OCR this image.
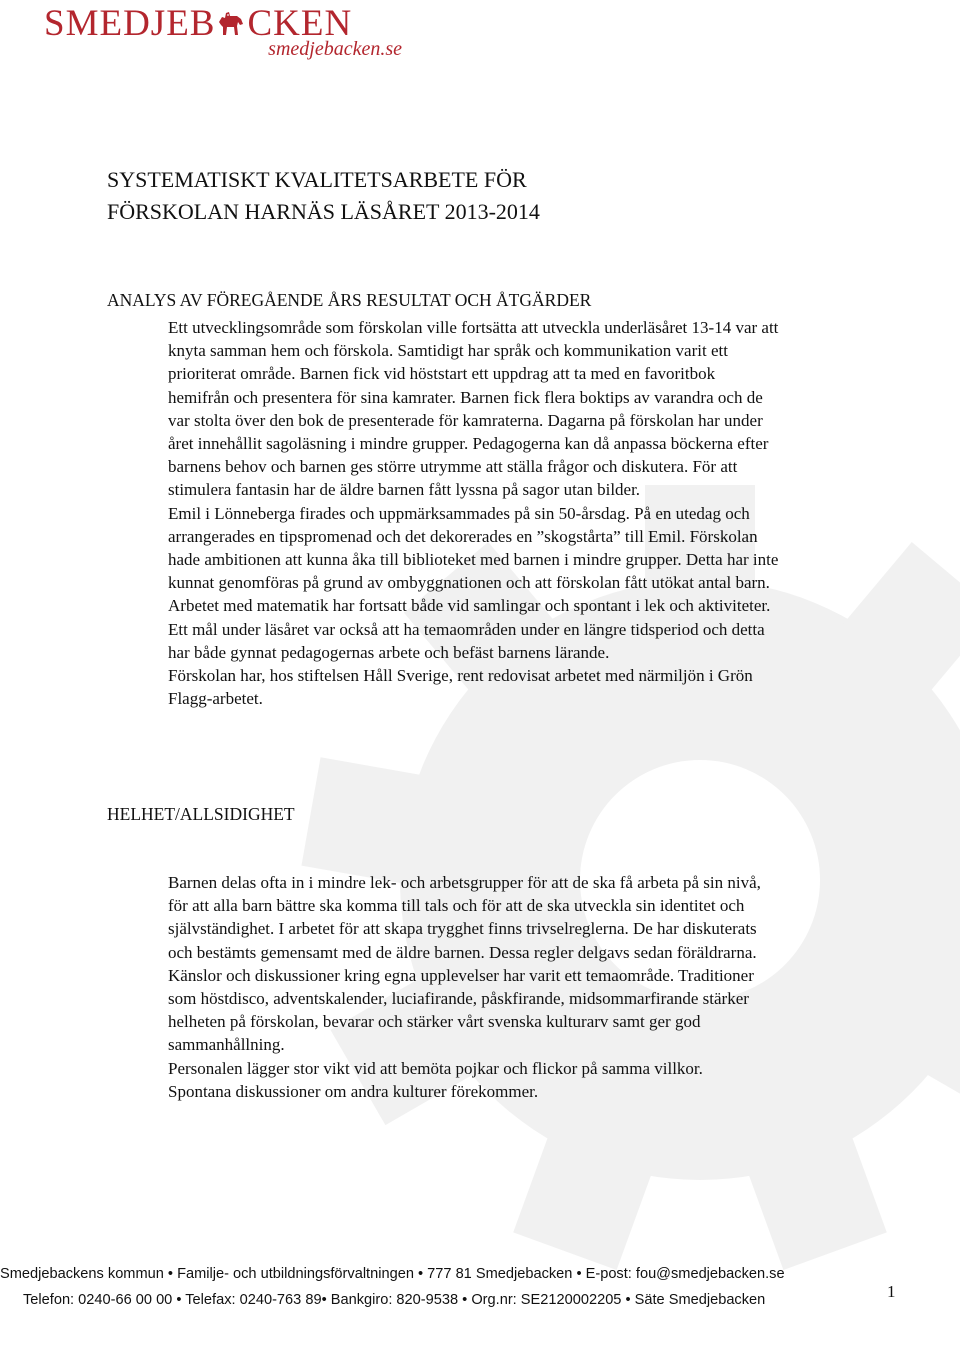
SMEDJEB CKEN
smedjebacken.se
SYSTEMATISKT KVALITETSARBETE FÖR
FÖRSKOLAN HARNÄS LÄSÅRET 2013-2014
ANALYS AV FÖREGÅENDE ÅRS RESULTAT OCH ÅTGÄRDER

Ett utvecklingsområde som förskolan ville fortsätta att utveckla underläsåret 13-14 var att
knyta samman hem och förskola. Samtidigt har språk och kommunikation varit ett
prioriterat område. Barnen fick vid höststart ett uppdrag att ta med en favoritbok
hemifrån och presentera för sina kamrater. Barnen fick flera boktips av varandra och de
var stolta över den bok de presenterade för kamraterna. Dagarna på förskolan har under
året innehållit sagoläsning i mindre grupper. Pedagogerna kan då anpassa böckerna efter
barnens behov och barnen ges större utrymme att ställa frågor och diskutera. För att
stimulera fantasin har de äldre barnen fått lyssna på sagor utan bilder.
Emil i Lönneberga firades och uppmärksammades på sin 50-årsdag. På en utedag och
arrangerades en tipspromenad och det dekorerades en ”skogstårta” till Emil. Förskolan
hade ambitionen att kunna åka till biblioteket med barnen i mindre grupper. Detta har inte
kunnat genomföras på grund av ombyggnationen och att förskolan fått utökat antal barn.
Arbetet med matematik har fortsatt både vid samlingar och spontant i lek och aktiviteter.
Ett mål under läsåret var också att ha temaområden under en längre tidsperiod och detta
har både gynnat pedagogernas arbete och befäst barnens lärande.
Förskolan har, hos stiftelsen Håll Sverige, rent redovisat arbetet med närmiljön i Grön
Flagg-arbetet.

HELHET/ALLSIDIGHET

Barnen delas ofta in i mindre lek- och arbetsgrupper för att de ska få arbeta på sin nivå,
för att alla barn bättre ska komma till tals och för att de ska utveckla sin identitet och
självständighet. I arbetet för att skapa trygghet finns trivselreglerna. De har diskuterats
och bestämts gemensamt med de äldre barnen. Dessa regler delgavs sedan föräldrarna.
Känslor och diskussioner kring egna upplevelser har varit ett temaområde. Traditioner
som höstdisco, adventskalender, luciafirande, påskfirande, midsommarfirande stärker
helheten på förskolan, bevarar och stärker vårt svenska kulturarv samt ger god
sammanhållning.
Personalen lägger stor vikt vid att bemöta pojkar och flickor på samma villkor.
Spontana diskussioner om andra kulturer förekommer.

Smedjebackens kommun • Familje- och utbildningsförvaltningen • 777 81 Smedjebacken • E-post: fou@smedjebacken.se
Telefon: 0240-66 00 00 • Telefax: 0240-763 89• Bankgiro: 820-9538 • Org.nr: SE2120002205 • Säte Smedjebacken	1
